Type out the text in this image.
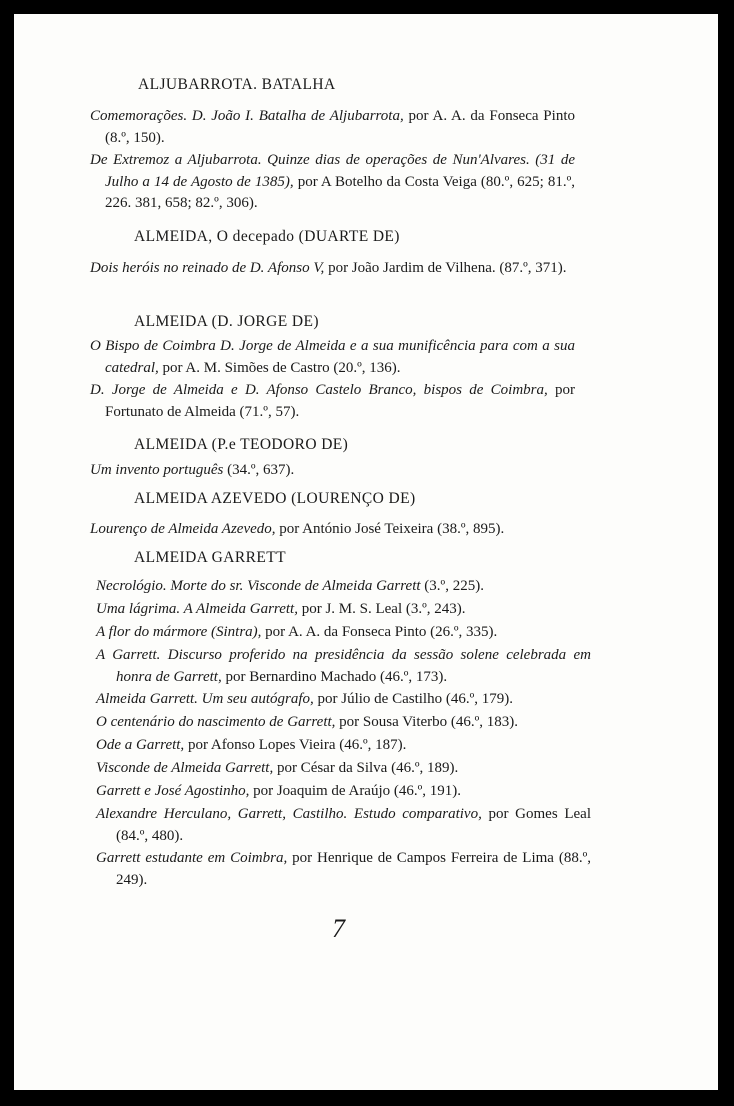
ALJUBARROTA. BATALHA
Comemorações. D. João I. Batalha de Aljubarrota, por A. A. da Fonseca Pinto (8.º, 150).
De Extremoz a Aljubarrota. Quinze dias de operações de Nun'Alvares. (31 de Julho a 14 de Agosto de 1385), por A Botelho da Costa Veiga (80.º, 625; 81.º, 226. 381, 658; 82.º, 306).
ALMEIDA, O decepado (DUARTE DE)
Dois heróis no reinado de D. Afonso V, por João Jardim de Vilhena. (87.º, 371).
ALMEIDA (D. JORGE DE)
O Bispo de Coimbra D. Jorge de Almeida e a sua munificência para com a sua catedral, por A. M. Simões de Castro (20.º, 136).
D. Jorge de Almeida e D. Afonso Castelo Branco, bispos de Coimbra, por Fortunato de Almeida (71.º, 57).
ALMEIDA (P.e TEODORO DE)
Um invento português (34.º, 637).
ALMEIDA AZEVEDO (LOURENÇO DE)
Lourenço de Almeida Azevedo, por António José Teixeira (38.º, 895).
ALMEIDA GARRETT
Necrológio. Morte do sr. Visconde de Almeida Garrett (3.º, 225).
Uma lágrima. A Almeida Garrett, por J. M. S. Leal (3.º, 243).
A flor do mármore (Sintra), por A. A. da Fonseca Pinto (26.º, 335).
A Garrett. Discurso proferido na presidência da sessão solene celebrada em honra de Garrett, por Bernardino Machado (46.º, 173).
Almeida Garrett. Um seu autógrafo, por Júlio de Castilho (46.º, 179).
O centenário do nascimento de Garrett, por Sousa Viterbo (46.º, 183).
Ode a Garrett, por Afonso Lopes Vieira (46.º, 187).
Visconde de Almeida Garrett, por César da Silva (46.º, 189).
Garrett e José Agostinho, por Joaquim de Araújo (46.º, 191).
Alexandre Herculano, Garrett, Castilho. Estudo comparativo, por Gomes Leal (84.º, 480).
Garrett estudante em Coimbra, por Henrique de Campos Ferreira de Lima (88.º, 249).
7
